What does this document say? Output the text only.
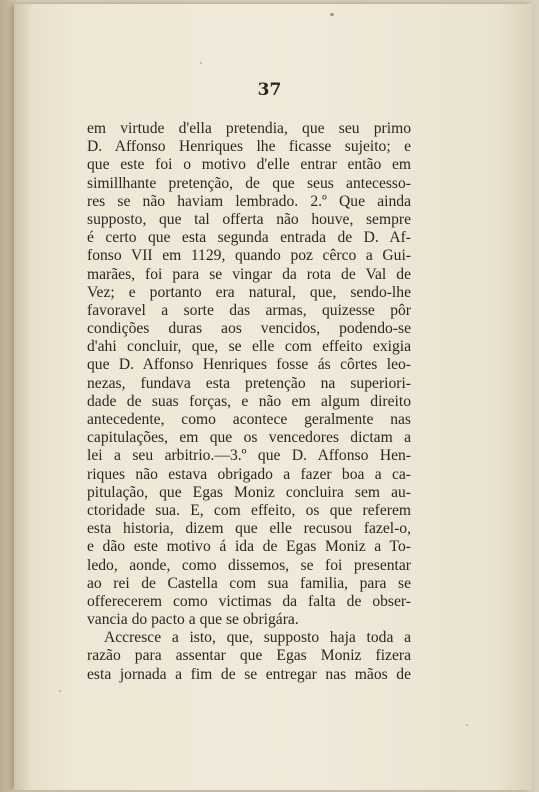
37
em virtude d'ella pretendia, que seu primo
D. Affonso Henriques lhe ficasse sujeito; e
que este foi o motivo d'elle entrar então em
simillhante pretenção, de que seus antecesso-
res se não haviam lembrado. 2.º Que ainda
supposto, que tal offerta não houve, sempre
é certo que esta segunda entrada de D. Af-
fonso VII em 1129, quando poz cêrco a Gui-
marães, foi para se vingar da rota de Val de
Vez; e portanto era natural, que, sendo-lhe
favoravel a sorte das armas, quizesse pôr
condições duras aos vencidos, podendo-se
d'ahi concluir, que, se elle com effeito exigia
que D. Affonso Henriques fosse ás côrtes leo-
nezas, fundava esta pretenção na superiori-
dade de suas forças, e não em algum direito
antecedente, como acontece geralmente nas
capitulações, em que os vencedores dictam a
lei a seu arbitrio.—3.º que D. Affonso Hen-
riques não estava obrigado a fazer boa a ca-
pitulação, que Egas Moniz concluira sem au-
ctoridade sua. E, com effeito, os que referem
esta historia, dizem que elle recusou fazel-o,
e dão este motivo á ida de Egas Moniz a To-
ledo, aonde, como dissemos, se foi presentar
ao rei de Castella com sua familia, para se
offerecerem como victimas da falta de obser-
vancia do pacto a que se obrigára.
Accresce a isto, que, supposto haja toda a
razão para assentar que Egas Moniz fizera
esta jornada a fim de se entregar nas mãos de
